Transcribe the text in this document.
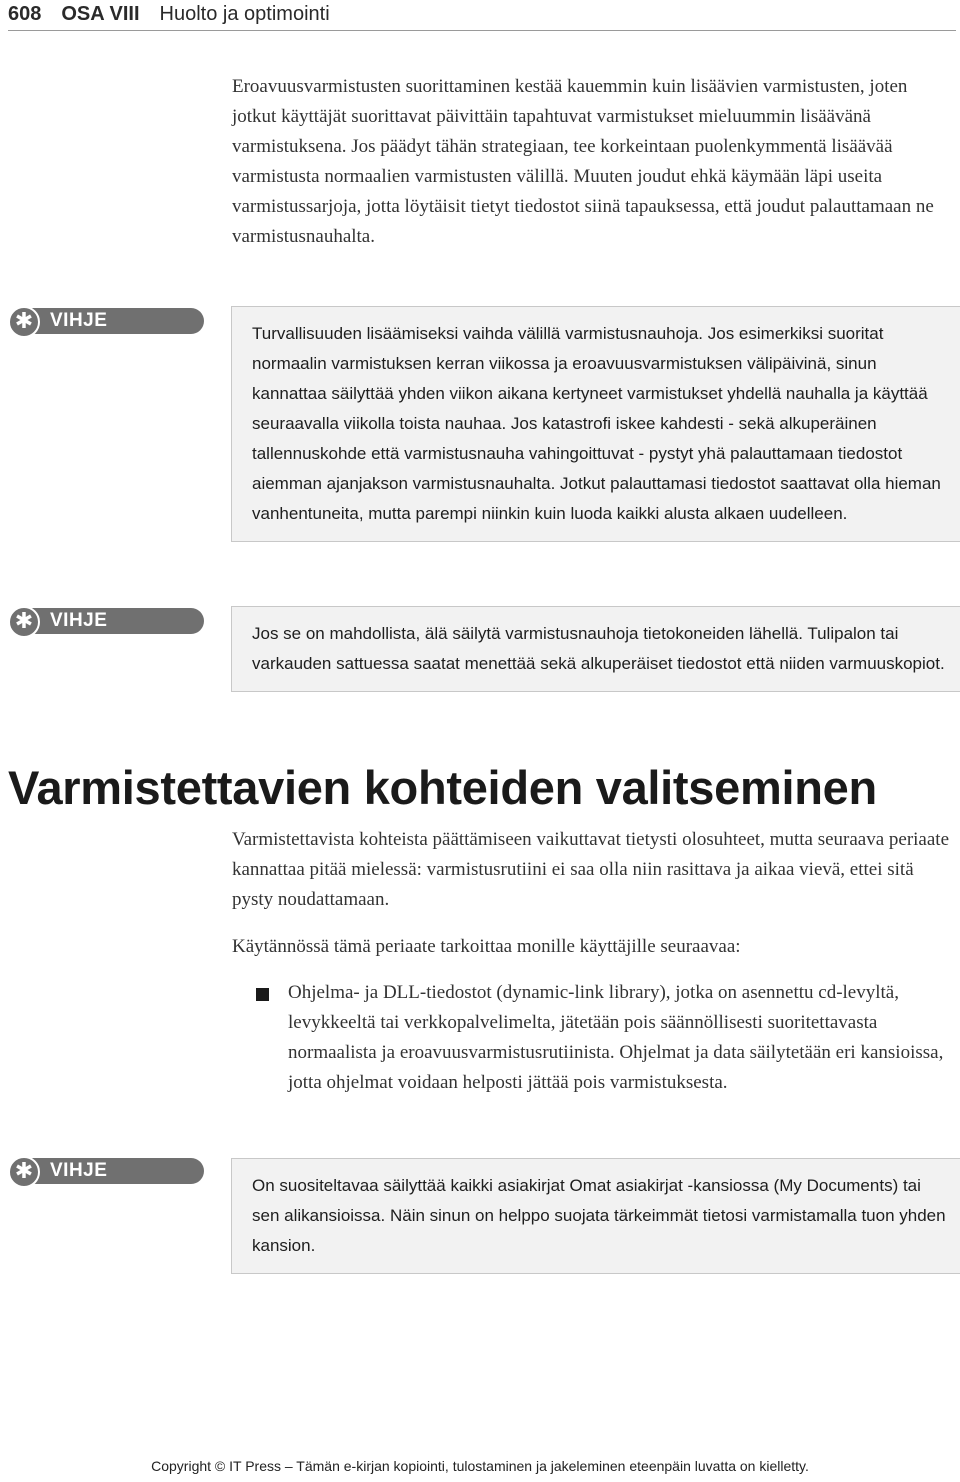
608 OSA VIII Huolto ja optimointi

Eroavuusvarmistusten suorittaminen kestää kauemmin kuin lisäävien varmistusten, joten jotkut käyttäjät suorittavat päivittäin tapahtuvat varmistukset mieluummin lisäävänä varmistuksena. Jos päädyt tähän strategiaan, tee korkeintaan puolenkymmentä lisäävää varmistusta normaalien varmistusten välillä. Muuten joudut ehkä käymään läpi useita varmistussarjoja, jotta löytäisit tietyt tiedostot siinä tapauksessa, että joudut palauttamaan ne varmistusnauhalta.

✱ VIHJE
Turvallisuuden lisäämiseksi vaihda välillä varmistusnauhoja. Jos esimerkiksi suoritat normaalin varmistuksen kerran viikossa ja eroavuusvarmistuksen välipäivinä, sinun kannattaa säilyttää yhden viikon aikana kertyneet varmistukset yhdellä nauhalla ja käyttää seuraavalla viikolla toista nauhaa. Jos katastrofi iskee kahdesti - sekä alkuperäinen tallennuskohde että varmistusnauha vahingoittuvat - pystyt yhä palauttamaan tiedostot aiemman ajanjakson varmistusnauhalta. Jotkut palauttamasi tiedostot saattavat olla hieman vanhentuneita, mutta parempi niinkin kuin luoda kaikki alusta alkaen uudelleen.
✱ VIHJE
Jos se on mahdollista, älä säilytä varmistusnauhoja tietokoneiden lähellä. Tulipalon tai varkauden sattuessa saatat menettää sekä alkuperäiset tiedostot että niiden varmuuskopiot.
Varmistettavien kohteiden valitseminen

Varmistettavista kohteista päättämiseen vaikuttavat tietysti olosuhteet, mutta seuraava periaate kannattaa pitää mielessä: varmistusrutiini ei saa olla niin rasittava ja aikaa vievä, ettei sitä pysty noudattamaan.

Käytännössä tämä periaate tarkoittaa monille käyttäjille seuraavaa:

Ohjelma- ja DLL-tiedostot (dynamic-link library), jotka on asennettu cd-levyltä, levykkeeltä tai verkkopalvelimelta, jätetään pois säännöllisesti suoritettavasta normaalista ja eroavuusvarmistusrutiinista. Ohjelmat ja data säilytetään eri kansioissa, jotta ohjelmat voidaan helposti jättää pois varmistuksesta.

✱ VIHJE
On suositeltavaa säilyttää kaikki asiakirjat Omat asiakirjat -kansiossa (My Documents) tai sen alikansioissa. Näin sinun on helppo suojata tärkeimmät tietosi varmistamalla tuon yhden kansion.
Copyright © IT Press – Tämän e-kirjan kopiointi, tulostaminen ja jakeleminen eteenpäin luvatta on kielletty.
